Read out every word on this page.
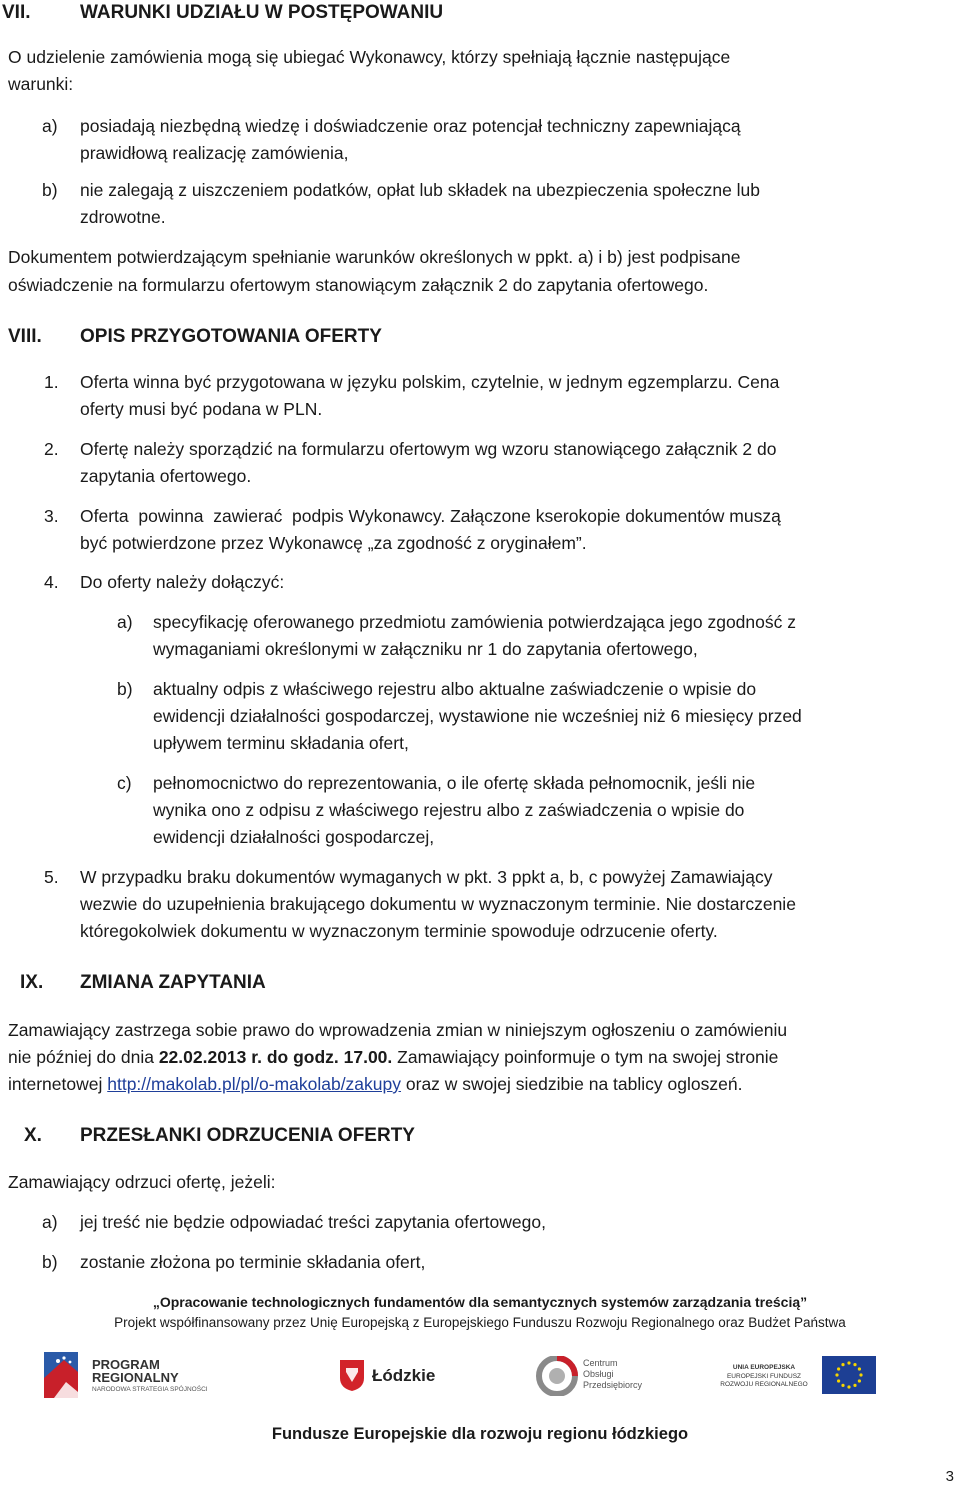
VII.	WARUNKI UDZIAŁU W POSTĘPOWANIU
O udzielenie zamówienia mogą się ubiegać Wykonawcy, którzy spełniają łącznie następujące
warunki:
a) posiadają niezbędną wiedzę i doświadczenie oraz potencjał techniczny zapewniającą
prawidłową realizację zamówienia,
b) nie zalegają z uiszczeniem podatków, opłat lub składek na ubezpieczenia społeczne lub
zdrowotne.
Dokumentem potwierdzającym spełnianie warunków określonych w ppkt. a) i b) jest podpisane
oświadczenie na formularzu ofertowym stanowiącym załącznik 2 do zapytania ofertowego.
VIII. OPIS PRZYGOTOWANIA OFERTY
1. Oferta winna być przygotowana w języku polskim, czytelnie, w jednym egzemplarzu. Cena
oferty musi być podana w PLN.
2. Ofertę należy sporządzić na formularzu ofertowym wg wzoru stanowiącego załącznik 2 do
zapytania ofertowego.
3. Oferta  powinna  zawierać  podpis Wykonawcy. Załączone kserokopie dokumentów muszą
być potwierdzone przez Wykonawcę „za zgodność z oryginałem”.
4. Do oferty należy dołączyć:
a) specyfikację oferowanego przedmiotu zamówienia potwierdzająca jego zgodność z
wymaganiami określonymi w załączniku nr 1 do zapytania ofertowego,
b) aktualny odpis z właściwego rejestru albo aktualne zaświadczenie o wpisie do
ewidencji działalności gospodarczej, wystawione nie wcześniej niż 6 miesięcy przed
upływem terminu składania ofert,
c) pełnomocnictwo do reprezentowania, o ile ofertę składa pełnomocnik, jeśli nie
wynika ono z odpisu z właściwego rejestru albo z zaświadczenia o wpisie do
ewidencji działalności gospodarczej,
5. W przypadku braku dokumentów wymaganych w pkt. 3 ppkt a, b, c powyżej Zamawiający
wezwie do uzupełnienia brakującego dokumentu w wyznaczonym terminie. Nie dostarczenie
któregokolwiek dokumentu w wyznaczonym terminie spowoduje odrzucenie oferty.
IX. ZMIANA ZAPYTANIA
Zamawiający zastrzega sobie prawo do wprowadzenia zmian w niniejszym ogłoszeniu o zamówieniu
nie później do dnia 22.02.2013 r. do godz. 17.00. Zamawiający poinformuje o tym na swojej stronie
internetowej http://makolab.pl/pl/o-makolab/zakupy oraz w swojej siedzibie na tablicy ogloszeń.
X. PRZESŁANKI ODRZUCENIA OFERTY
Zamawiający odrzuci ofertę, jeżeli:
a) jej treść nie będzie odpowiadać treści zapytania ofertowego,
b) zostanie złożona po terminie składania ofert,
„Opracowanie technologicznych fundamentów dla semantycznych systemów zarządzania treścią”
Projekt współfinansowany przez Unię Europejską z Europejskiego Funduszu Rozwoju Regionalnego oraz Budżet Państwa
PROGRAM
REGIONALNY
NARODOWA STRATEGIA SPÓJNOŚCI
Łódzkie
Centrum
Obsługi
Przedsiębiorcy
UNIA EUROPEJSKA
EUROPEJSKI FUNDUSZ
ROZWOJU REGIONALNEGO
Fundusze Europejskie dla rozwoju regionu łódzkiego
3
